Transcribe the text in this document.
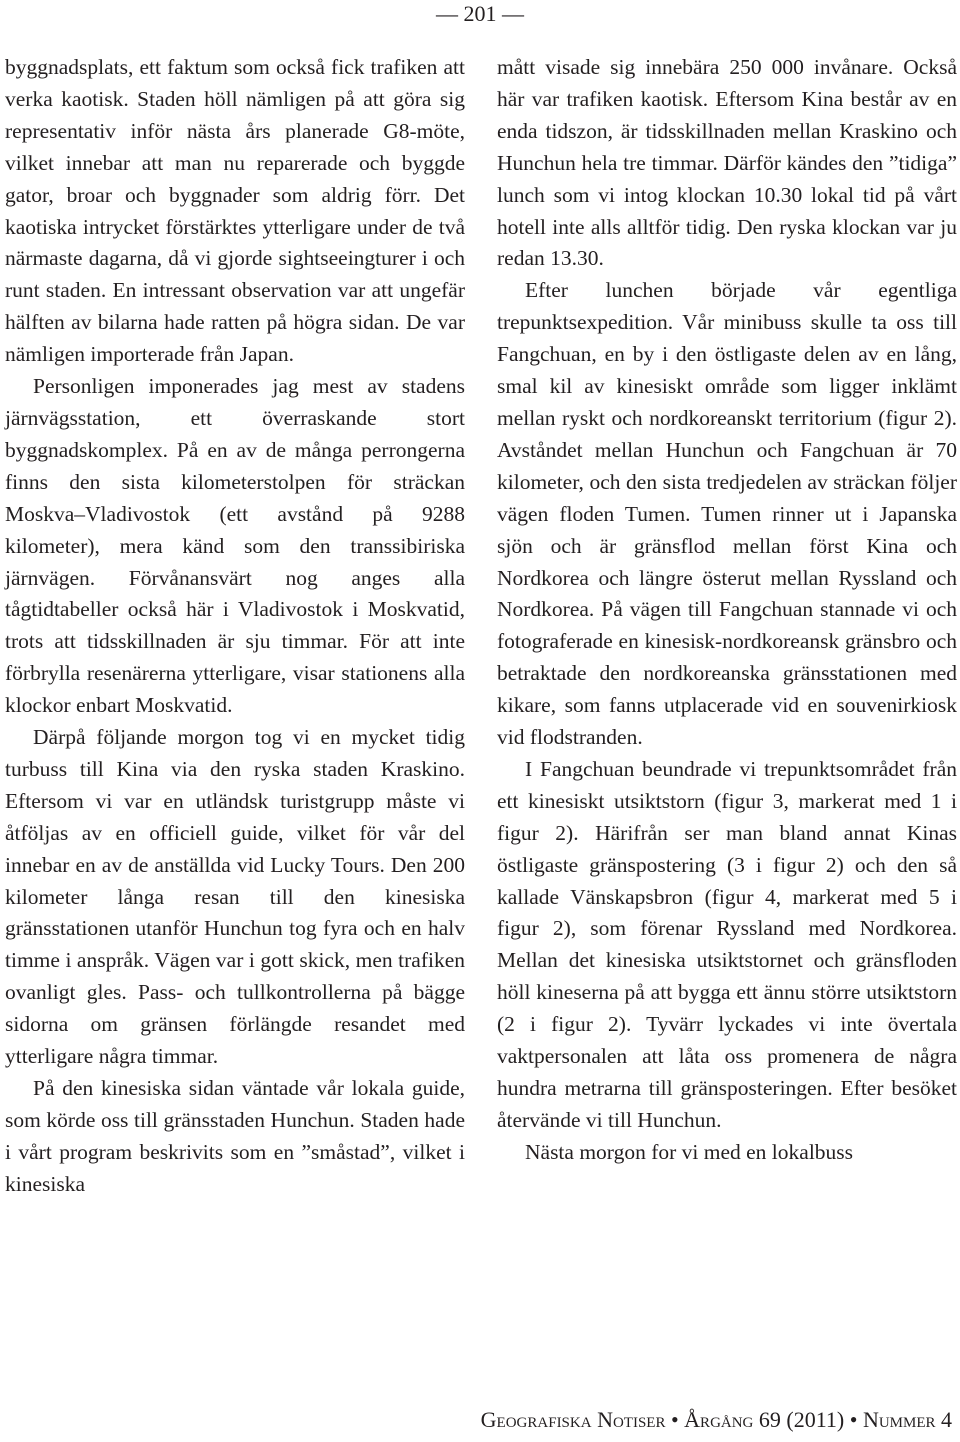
— 201 —

byggnadsplats, ett faktum som också fick trafiken att verka kaotisk. Staden höll nämligen på att göra sig representativ inför nästa års planerade G8-möte, vilket innebar att man nu reparerade och byggde gator, broar och byggnader som aldrig förr. Det kaotiska intrycket förstärktes ytterligare under de två närmaste dagarna, då vi gjorde sightseeingturer i och runt staden. En intressant observation var att ungefär hälften av bilarna hade ratten på högra sidan. De var nämligen importerade från Japan.

Personligen imponerades jag mest av stadens järnvägsstation, ett överraskande stort byggnadskomplex. På en av de många perrongerna finns den sista kilometerstolpen för sträckan Moskva–Vladivostok (ett avstånd på 9288 kilometer), mera känd som den transsibiriska järnvägen. Förvånansvärt nog anges alla tågtidtabeller också här i Vladivostok i Moskvatid, trots att tidsskillnaden är sju timmar. För att inte förbrylla resenärerna ytterligare, visar stationens alla klockor enbart Moskvatid.

Därpå följande morgon tog vi en mycket tidig turbuss till Kina via den ryska staden Kraskino. Eftersom vi var en utländsk turistgrupp måste vi åtföljas av en officiell guide, vilket för vår del innebar en av de anställda vid Lucky Tours. Den 200 kilometer långa resan till den kinesiska gränsstationen utanför Hunchun tog fyra och en halv timme i anspråk. Vägen var i gott skick, men trafiken ovanligt gles. Pass- och tullkontrollerna på bägge sidorna om gränsen förlängde resandet med ytterligare några timmar.

På den kinesiska sidan väntade vår lokala guide, som körde oss till gränsstaden Hunchun. Staden hade i vårt program beskrivits som en ”småstad”, vilket i kinesiska

mått visade sig innebära 250 000 invånare. Också här var trafiken kaotisk. Eftersom Kina består av en enda tidszon, är tidsskillnaden mellan Kraskino och Hunchun hela tre timmar. Därför kändes den ”tidiga” lunch som vi intog klockan 10.30 lokal tid på vårt hotell inte alls alltför tidig. Den ryska klockan var ju redan 13.30.

Efter lunchen började vår egentliga trepunktsexpedition. Vår minibuss skulle ta oss till Fangchuan, en by i den östligaste delen av en lång, smal kil av kinesiskt område som ligger inklämt mellan ryskt och nordkoreanskt territorium (figur 2). Avståndet mellan Hunchun och Fangchuan är 70 kilometer, och den sista tredjedelen av sträckan följer vägen floden Tumen. Tumen rinner ut i Japanska sjön och är gränsflod mellan först Kina och Nordkorea och längre österut mellan Ryssland och Nordkorea. På vägen till Fangchuan stannade vi och fotograferade en kinesisk-nordkoreansk gränsbro och betraktade den nordkoreanska gränsstationen med kikare, som fanns utplacerade vid en souvenirkiosk vid flodstranden.

I Fangchuan beundrade vi trepunktsområdet från ett kinesiskt utsiktstorn (figur 3, markerat med 1 i figur 2). Härifrån ser man bland annat Kinas östligaste gränspostering (3 i figur 2) och den så kallade Vänskapsbron (figur 4, markerat med 5 i figur 2), som förenar Ryssland med Nordkorea. Mellan det kinesiska utsiktstornet och gränsfloden höll kineserna på att bygga ett ännu större utsiktstorn (2 i figur 2). Tyvärr lyckades vi inte övertala vaktpersonalen att låta oss promenera de några hundra metrarna till gränsposteringen. Efter besöket återvände vi till Hunchun.

Nästa morgon for vi med en lokalbuss

Geografiska Notiser • Årgång 69 (2011) • Nummer 4
